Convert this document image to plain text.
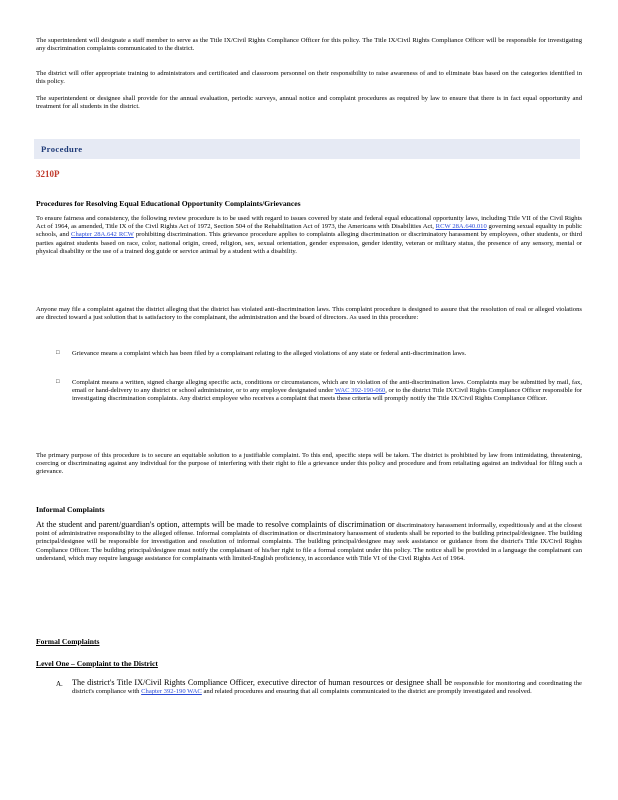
The superintendent will designate a staff member to serve as the Title IX/Civil Rights Compliance Officer for this policy. The Title IX/Civil Rights Compliance Officer will be responsible for investigating any discrimination complaints communicated to the district.

The district will offer appropriate training to administrators and certificated and classroom personnel on their responsibility to raise awareness of and to eliminate bias based on the categories identified in this policy.

The superintendent or designee shall provide for the annual evaluation, periodic surveys, annual notice and complaint procedures as required by law to ensure that there is in fact equal opportunity and treatment for all students in the district.

Procedure
3210P

Procedures for Resolving Equal Educational Opportunity Complaints/Grievances

To ensure fairness and consistency, the following review procedure is to be used with regard to issues covered by state and federal equal educational opportunity laws, including Title VII of the Civil Rights Act of 1964, as amended, Title IX of the Civil Rights Act of 1972, Section 504 of the Rehabilitation Act of 1973, the Americans with Disabilities Act, RCW 28A.640.010 governing sexual equality in public schools, and Chapter 28A.642 RCW prohibiting discrimination. This grievance procedure applies to complaints alleging discrimination or discriminatory harassment by employees, other students, or third parties against students based on race, color, national origin, creed, religion, sex, sexual orientation, gender expression, gender identity, veteran or military status, the presence of any sensory, mental or physical disability or the use of a trained dog guide or service animal by a student with a disability.

Anyone may file a complaint against the district alleging that the district has violated anti-discrimination laws. This complaint procedure is designed to assure that the resolution of real or alleged violations are directed toward a just solution that is satisfactory to the complainant, the administration and the board of directors. As used in this procedure:

□ Grievance means a complaint which has been filed by a complainant relating to the alleged violations of any state or federal anti-discrimination laws.

□ Complaint means a written, signed charge alleging specific acts, conditions or circumstances, which are in violation of the anti-discrimination laws. Complaints may be submitted by mail, fax, email or hand-delivery to any district or school administrator, or to any employee designated under WAC 392-190-060, or to the district Title IX/Civil Rights Compliance Officer responsible for investigating discrimination complaints. Any district employee who receives a complaint that meets these criteria will promptly notify the Title IX/Civil Rights Compliance Officer.

The primary purpose of this procedure is to secure an equitable solution to a justifiable complaint. To this end, specific steps will be taken. The district is prohibited by law from intimidating, threatening, coercing or discriminating against any individual for the purpose of interfering with their right to file a grievance under this policy and procedure and from retaliating against an individual for filing such a grievance.

Informal Complaints

At the student and parent/guardian's option, attempts will be made to resolve complaints of discrimination or discriminatory harassment informally, expeditiously and at the closest point of administrative responsibility to the alleged offense. Informal complaints of discrimination or discriminatory harassment of students shall be reported to the building principal/designee. The building principal/designee will be responsible for investigation and resolution of informal complaints. The building principal/designee may seek assistance or guidance from the district's Title IX/Civil Rights Compliance Officer. The building principal/designee must notify the complainant of his/her right to file a formal complaint under this policy. The notice shall be provided in a language the complainant can understand, which may require language assistance for complainants with limited-English proficiency, in accordance with Title VI of the Civil Rights Act of 1964.

Formal Complaints

Level One – Complaint to the District

A. The district's Title IX/Civil Rights Compliance Officer, executive director of human resources or designee shall be responsible for monitoring and coordinating the district's compliance with Chapter 392-190 WAC and related procedures and ensuring that all complaints communicated to the district are promptly investigated and resolved.
